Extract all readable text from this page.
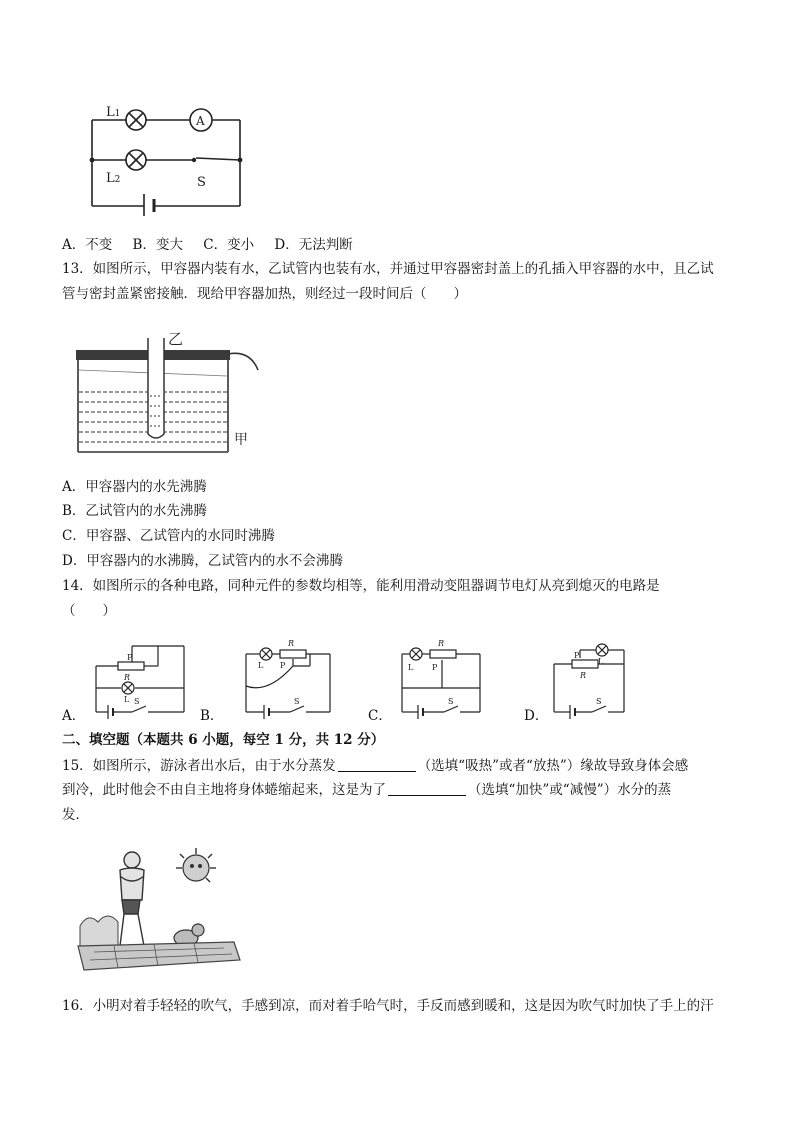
A
L1
L2	S
A．不变 B．变大 C．变小 D．无法判断
13．如图所示，甲容器内装有水，乙试管内也装有水，并通过甲容器密封盖上的孔插入甲容器的水中，且乙试
管与密封盖紧密接触．现给甲容器加热，则经过一段时间后（　　）
乙
甲
A．甲容器内的水先沸腾
B．乙试管内的水先沸腾
C．甲容器、乙试管内的水同时沸腾
D．甲容器内的水沸腾，乙试管内的水不会沸腾
14．如图所示的各种电路，同种元件的参数均相等，能利用滑动变阻器调节电灯从亮到熄灭的电路是
（　　）
P
R
L S
R
L P
S
R
L P
S
P
R
L
S
A．	B．	C．	D．
二、填空题（本题共 6 小题，每空 1 分，共 12 分）
15．如图所示，游泳者出水后，由于水分蒸发	（选填“吸热”或者“放热”）缘故导致身体会感
到冷，此时他会不由自主地将身体蜷缩起来，这是为了	（选填“加快”或“减慢”）水分的蒸
发．
16．小明对着手轻轻的吹气，手感到凉，而对着手哈气时，手反而感到暖和，这是因为吹气时加快了手上的汗
